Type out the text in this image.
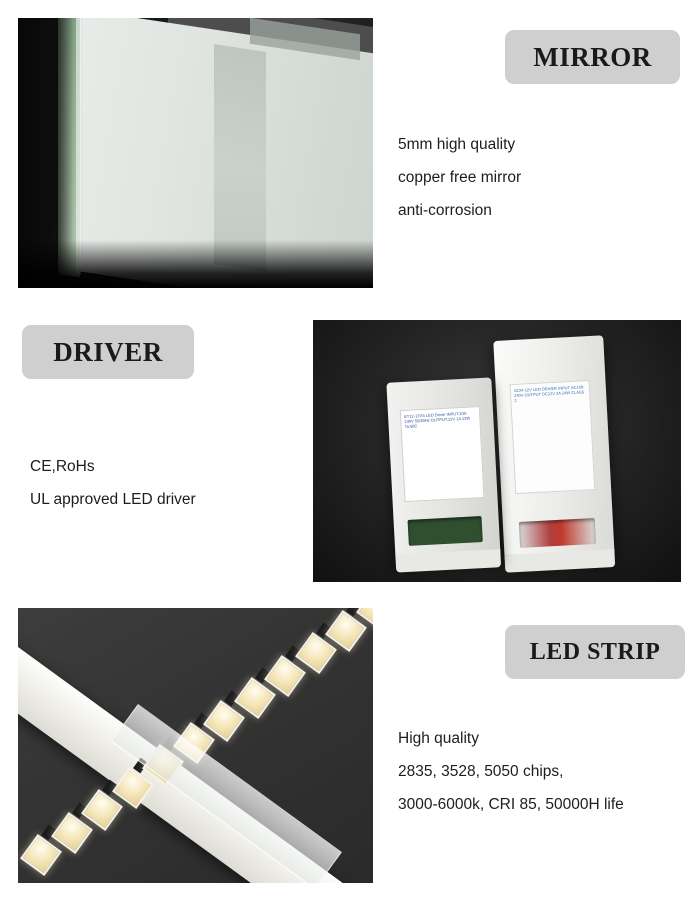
MIRROR
5mm high quality
copper free mirror
anti-corrosion
DRIVER
CE,RoHs
UL approved LED driver
SZ24-12V LED DRIVER INPUT AC100-240V OUTPUT DC12V 2A 24W CLASS 2
ET12-12VS LED Driver INPUT:100-240V 50/60Hz OUTPUT:12V 1A 12W Ta:50C
LED STRIP
High quality
2835, 3528, 5050 chips,
3000-6000k, CRI 85, 50000H life
